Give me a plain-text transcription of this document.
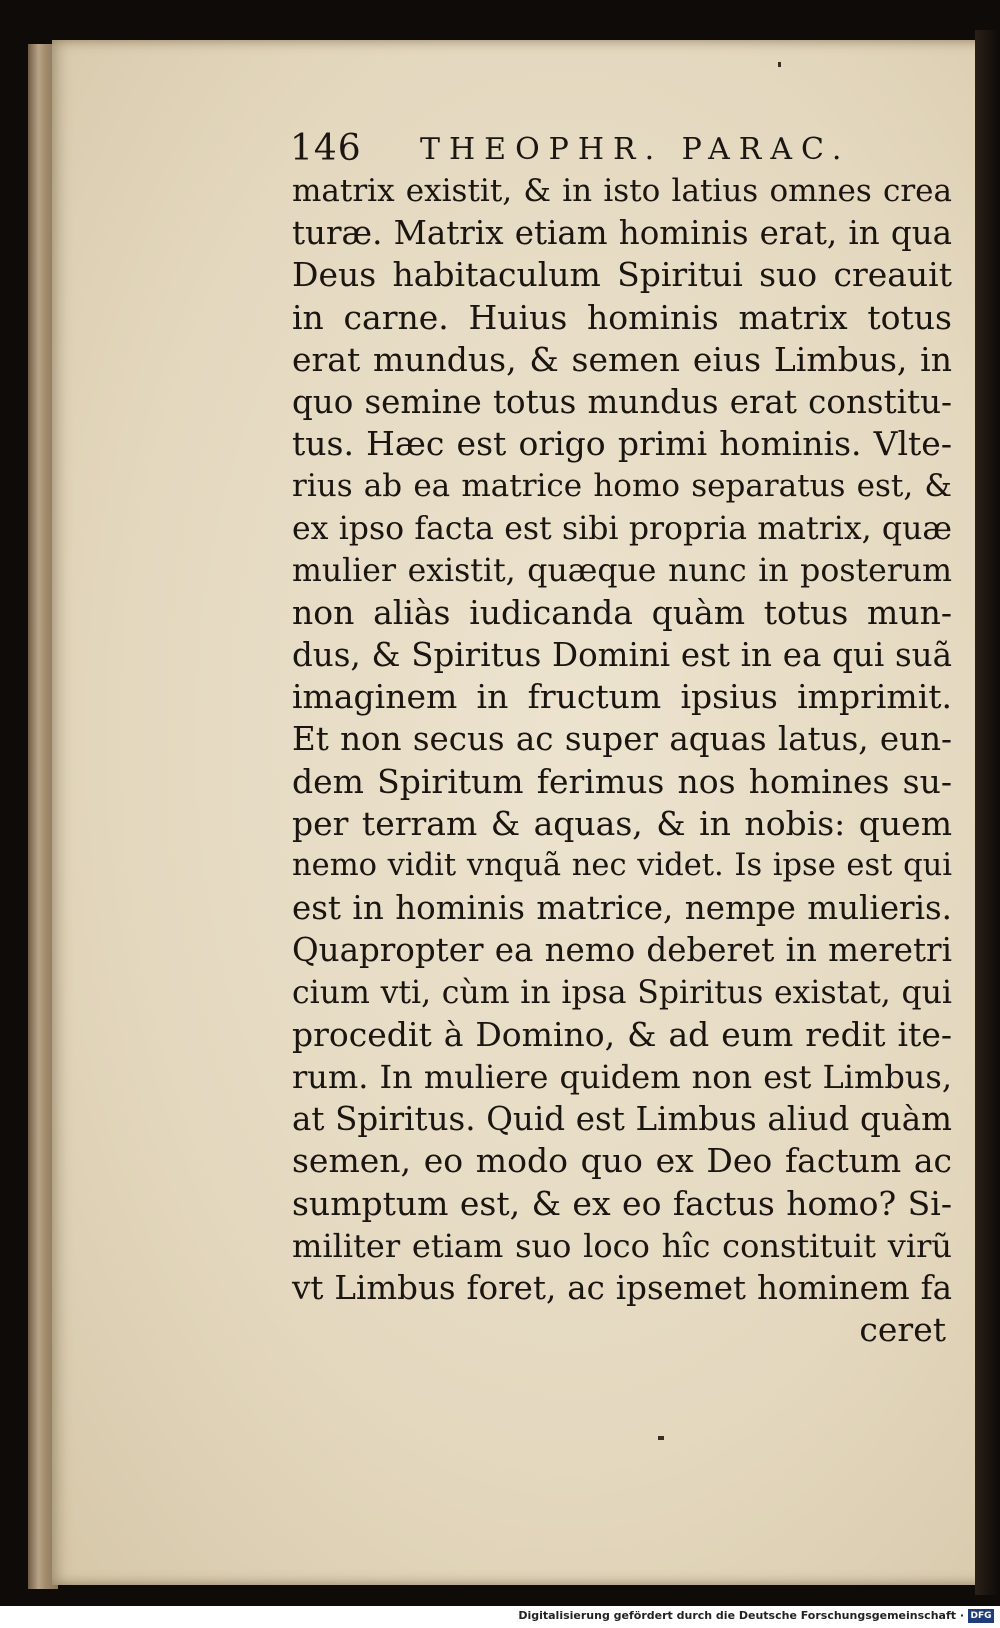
146 THEOPHR. PARAC.
matrix existit, & in isto latius omnes crea
turæ. Matrix etiam hominis erat, in qua
Deus habitaculum Spiritui suo creauit
in carne. Huius hominis matrix totus
erat mundus, & semen eius Limbus, in
quo semine totus mundus erat constitu-
tus. Hæc est origo primi hominis. Vlte-
rius ab ea matrice homo separatus est, &
ex ipso facta est sibi propria matrix, quæ
mulier existit, quæque nunc in posterum
non aliàs iudicanda quàm totus mun-
dus, & Spiritus Domini est in ea qui suã
imaginem in fructum ipsius imprimit.
Et non secus ac super aquas latus, eun-
dem Spiritum ferimus nos homines su-
per terram & aquas, & in nobis: quem
nemo vidit vnquã nec videt. Is ipse est qui
est in hominis matrice, nempe mulieris.
Quapropter ea nemo deberet in meretri
cium vti, cùm in ipsa Spiritus existat, qui
procedit à Domino, & ad eum redit ite-
rum. In muliere quidem non est Limbus,
at Spiritus. Quid est Limbus aliud quàm
semen, eo modo quo ex Deo factum ac
sumptum est, & ex eo factus homo? Si-
militer etiam suo loco hîc constituit virũ
vt Limbus foret, ac ipsemet hominem fa
ceret
Digitalisierung gefördert durch die Deutsche Forschungsgemeinschaft · DFG
